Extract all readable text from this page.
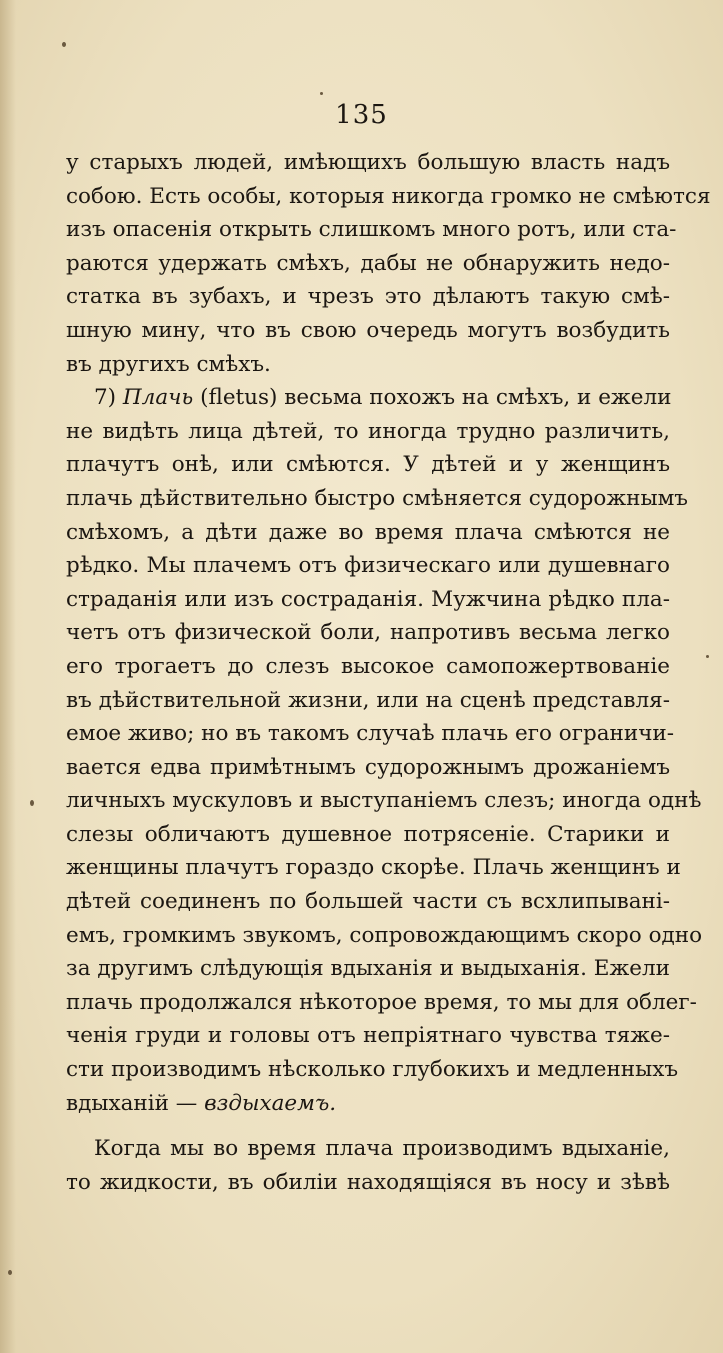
135
у старыхъ людей, имѣющихъ большую власть надъ
собою. Есть особы, которыя никогда громко не смѣются
изъ опасенія открыть слишкомъ много ротъ, или ста-
раются удержать смѣхъ, дабы не обнаружить недо-
статка въ зубахъ, и чрезъ это дѣлаютъ такую смѣ-
шную мину, что въ свою очередь могутъ возбудить
въ другихъ смѣхъ.
7) Плачь (fletus) весьма похожъ на смѣхъ, и ежели
не видѣть лица дѣтей, то иногда трудно различить,
плачутъ онѣ, или смѣются. У дѣтей и у женщинъ
плачь дѣйствительно быстро смѣняется судорожнымъ
смѣхомъ, а дѣти даже во время плача смѣются не
рѣдко. Мы плачемъ отъ физическаго или душевнаго
страданія или изъ состраданія. Мужчина рѣдко пла-
четъ отъ физической боли, напротивъ весьма легко
его трогаетъ до слезъ высокое самопожертвованіе
въ дѣйствительной жизни, или на сценѣ представля-
емое живо; но въ такомъ случаѣ плачь его ограничи-
вается едва примѣтнымъ судорожнымъ дрожаніемъ
личныхъ мускуловъ и выступаніемъ слезъ; иногда однѣ
слезы обличаютъ душевное потрясеніе. Старики и
женщины плачутъ гораздо скорѣе. Плачь женщинъ и
дѣтей соединенъ по большей части съ всхлипывані-
емъ, громкимъ звукомъ, сопровождающимъ скоро одно
за другимъ слѣдующія вдыханія и выдыханія. Ежели
плачь продолжался нѣкоторое время, то мы для облег-
ченія груди и головы отъ непріятнаго чувства тяже-
сти производимъ нѣсколько глубокихъ и медленныхъ
вдыханій — вздыхаемъ.
Когда мы во время плача производимъ вдыханіе,
то жидкости, въ обиліи находящіяся въ носу и зѣвѣ
